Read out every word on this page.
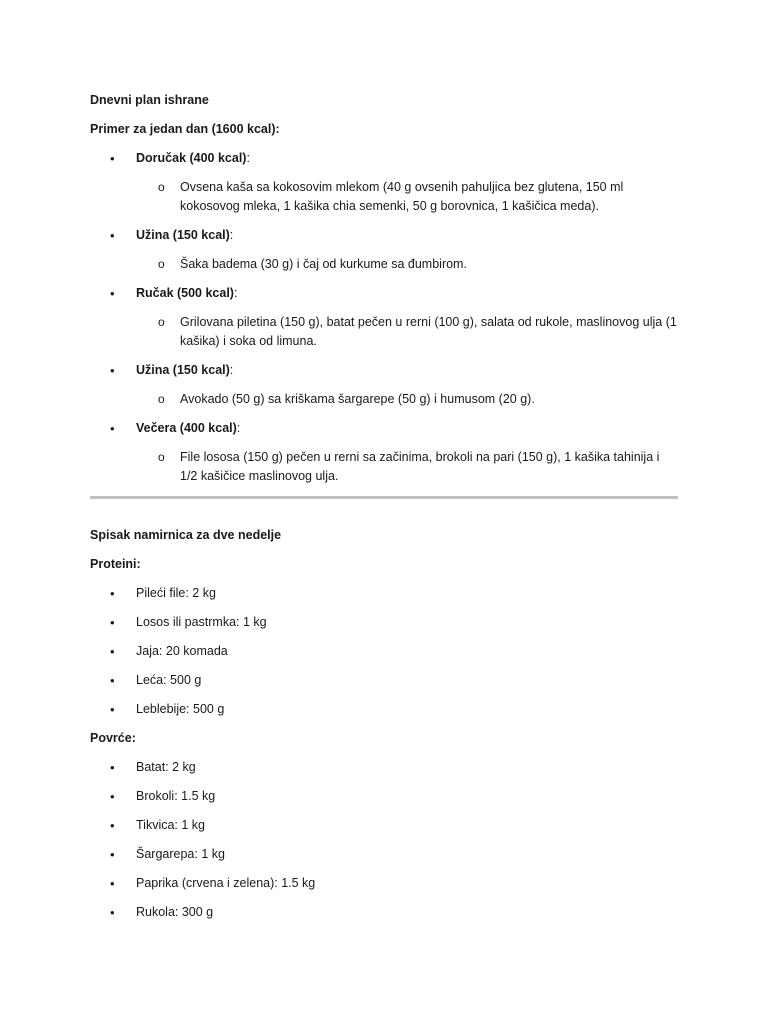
Dnevni plan ishrane
Primer za jedan dan (1600 kcal):
• Doručak (400 kcal):
o Ovsena kaša sa kokosovim mlekom (40 g ovsenih pahuljica bez glutena, 150 ml kokosovog mleka, 1 kašika chia semenki, 50 g borovnica, 1 kašičica meda).
• Užina (150 kcal):
o Šaka badema (30 g) i čaj od kurkume sa đumbirom.
• Ručak (500 kcal):
o Grilovana piletina (150 g), batat pečen u rerni (100 g), salata od rukole, maslinovog ulja (1 kašika) i soka od limuna.
• Užina (150 kcal):
o Avokado (50 g) sa kriškama šargarepe (50 g) i humusom (20 g).
• Večera (400 kcal):
o File lososa (150 g) pečen u rerni sa začinima, brokoli na pari (150 g), 1 kašika tahinija i 1/2 kašičice maslinovog ulja.
Spisak namirnica za dve nedelje
Proteini:
• Pileći file: 2 kg
• Losos ili pastrmka: 1 kg
• Jaja: 20 komada
• Leća: 500 g
• Leblebije: 500 g
Povrće:
• Batat: 2 kg
• Brokoli: 1.5 kg
• Tikvica: 1 kg
• Šargarepa: 1 kg
• Paprika (crvena i zelena): 1.5 kg
• Rukola: 300 g
